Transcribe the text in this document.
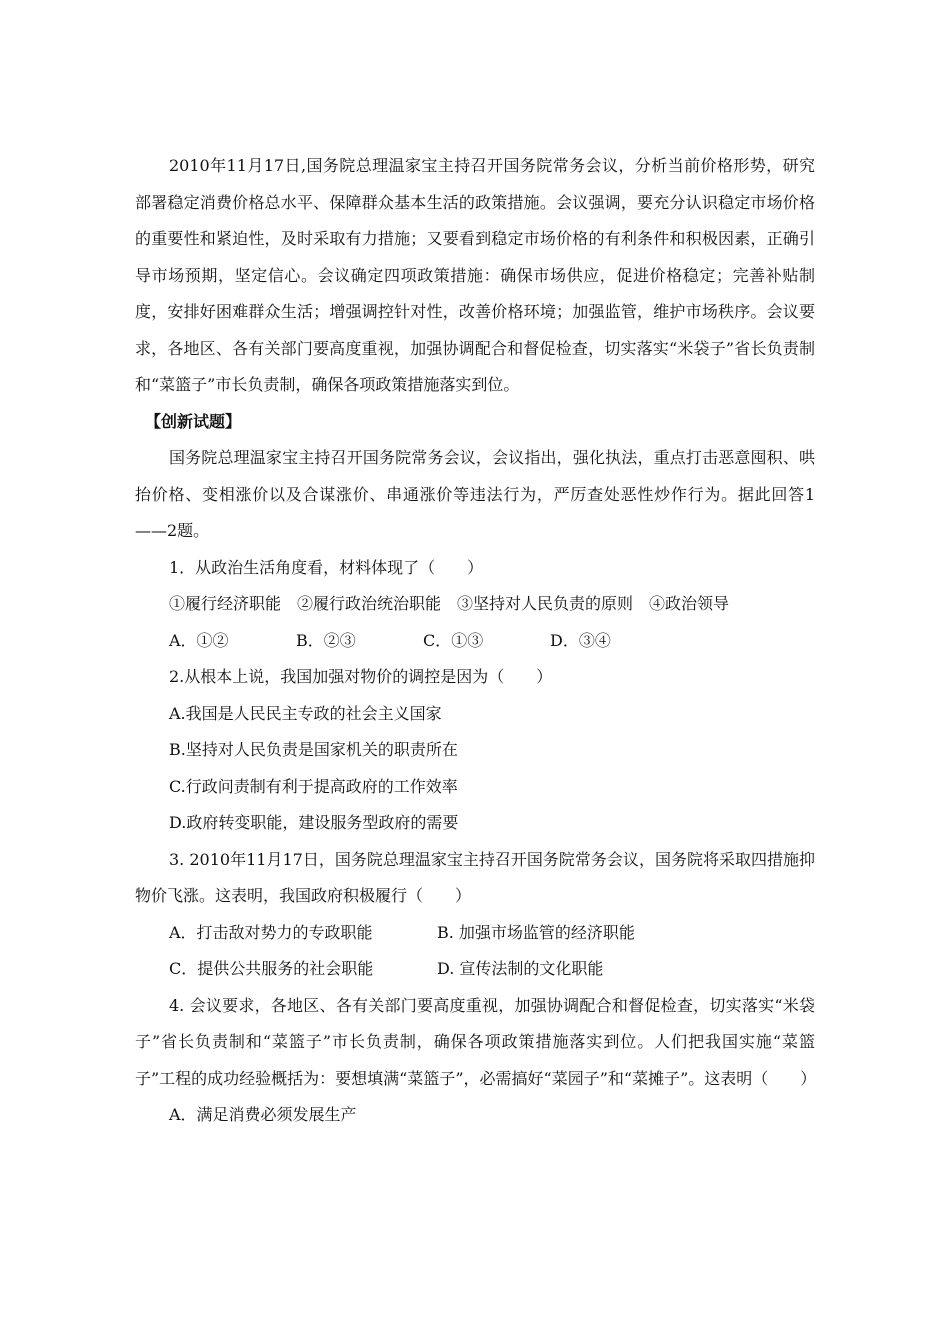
2010年11月17日,国务院总理温家宝主持召开国务院常务会议，分析当前价格形势，研究部署稳定消费价格总水平、保障群众基本生活的政策措施。会议强调，要充分认识稳定市场价格的重要性和紧迫性，及时采取有力措施；又要看到稳定市场价格的有利条件和积极因素，正确引导市场预期，坚定信心。会议确定四项政策措施：确保市场供应，促进价格稳定；完善补贴制度，安排好困难群众生活；增强调控针对性，改善价格环境；加强监管，维护市场秩序。会议要求，各地区、各有关部门要高度重视，加强协调配合和督促检查，切实落实“米袋子”省长负责制和“菜篮子”市长负责制，确保各项政策措施落实到位。

【创新试题】

国务院总理温家宝主持召开国务院常务会议，会议指出，强化执法，重点打击恶意囤积、哄抬价格、变相涨价以及合谋涨价、串通涨价等违法行为，严厉查处恶性炒作行为。据此回答1——2题。

1．从政治生活角度看，材料体现了（　　）

①履行经济职能　②履行政治统治职能　③坚持对人民负责的原则　④政治领导

A．①②	B．②③	C．①③	D．③④

2.从根本上说，我国加强对物价的调控是因为（　　）

A.我国是人民民主专政的社会主义国家

B.坚持对人民负责是国家机关的职责所在

C.行政问责制有利于提高政府的工作效率

D.政府转变职能，建设服务型政府的需要

3. 2010年11月17日，国务院总理温家宝主持召开国务院常务会议，国务院将采取四措施抑物价飞涨。这表明，我国政府积极履行（　　）

A．打击敌对势力的专政职能	B. 加强市场监管的经济职能
C．提供公共服务的社会职能	D. 宣传法制的文化职能

4. 会议要求，各地区、各有关部门要高度重视，加强协调配合和督促检查，切实落实“米袋子”省长负责制和“菜篮子”市长负责制，确保各项政策措施落实到位。人们把我国实施“菜篮子”工程的成功经验概括为：要想填满“菜篮子”，必需搞好“菜园子”和“菜摊子”。这表明（　　）

A．满足消费必须发展生产
